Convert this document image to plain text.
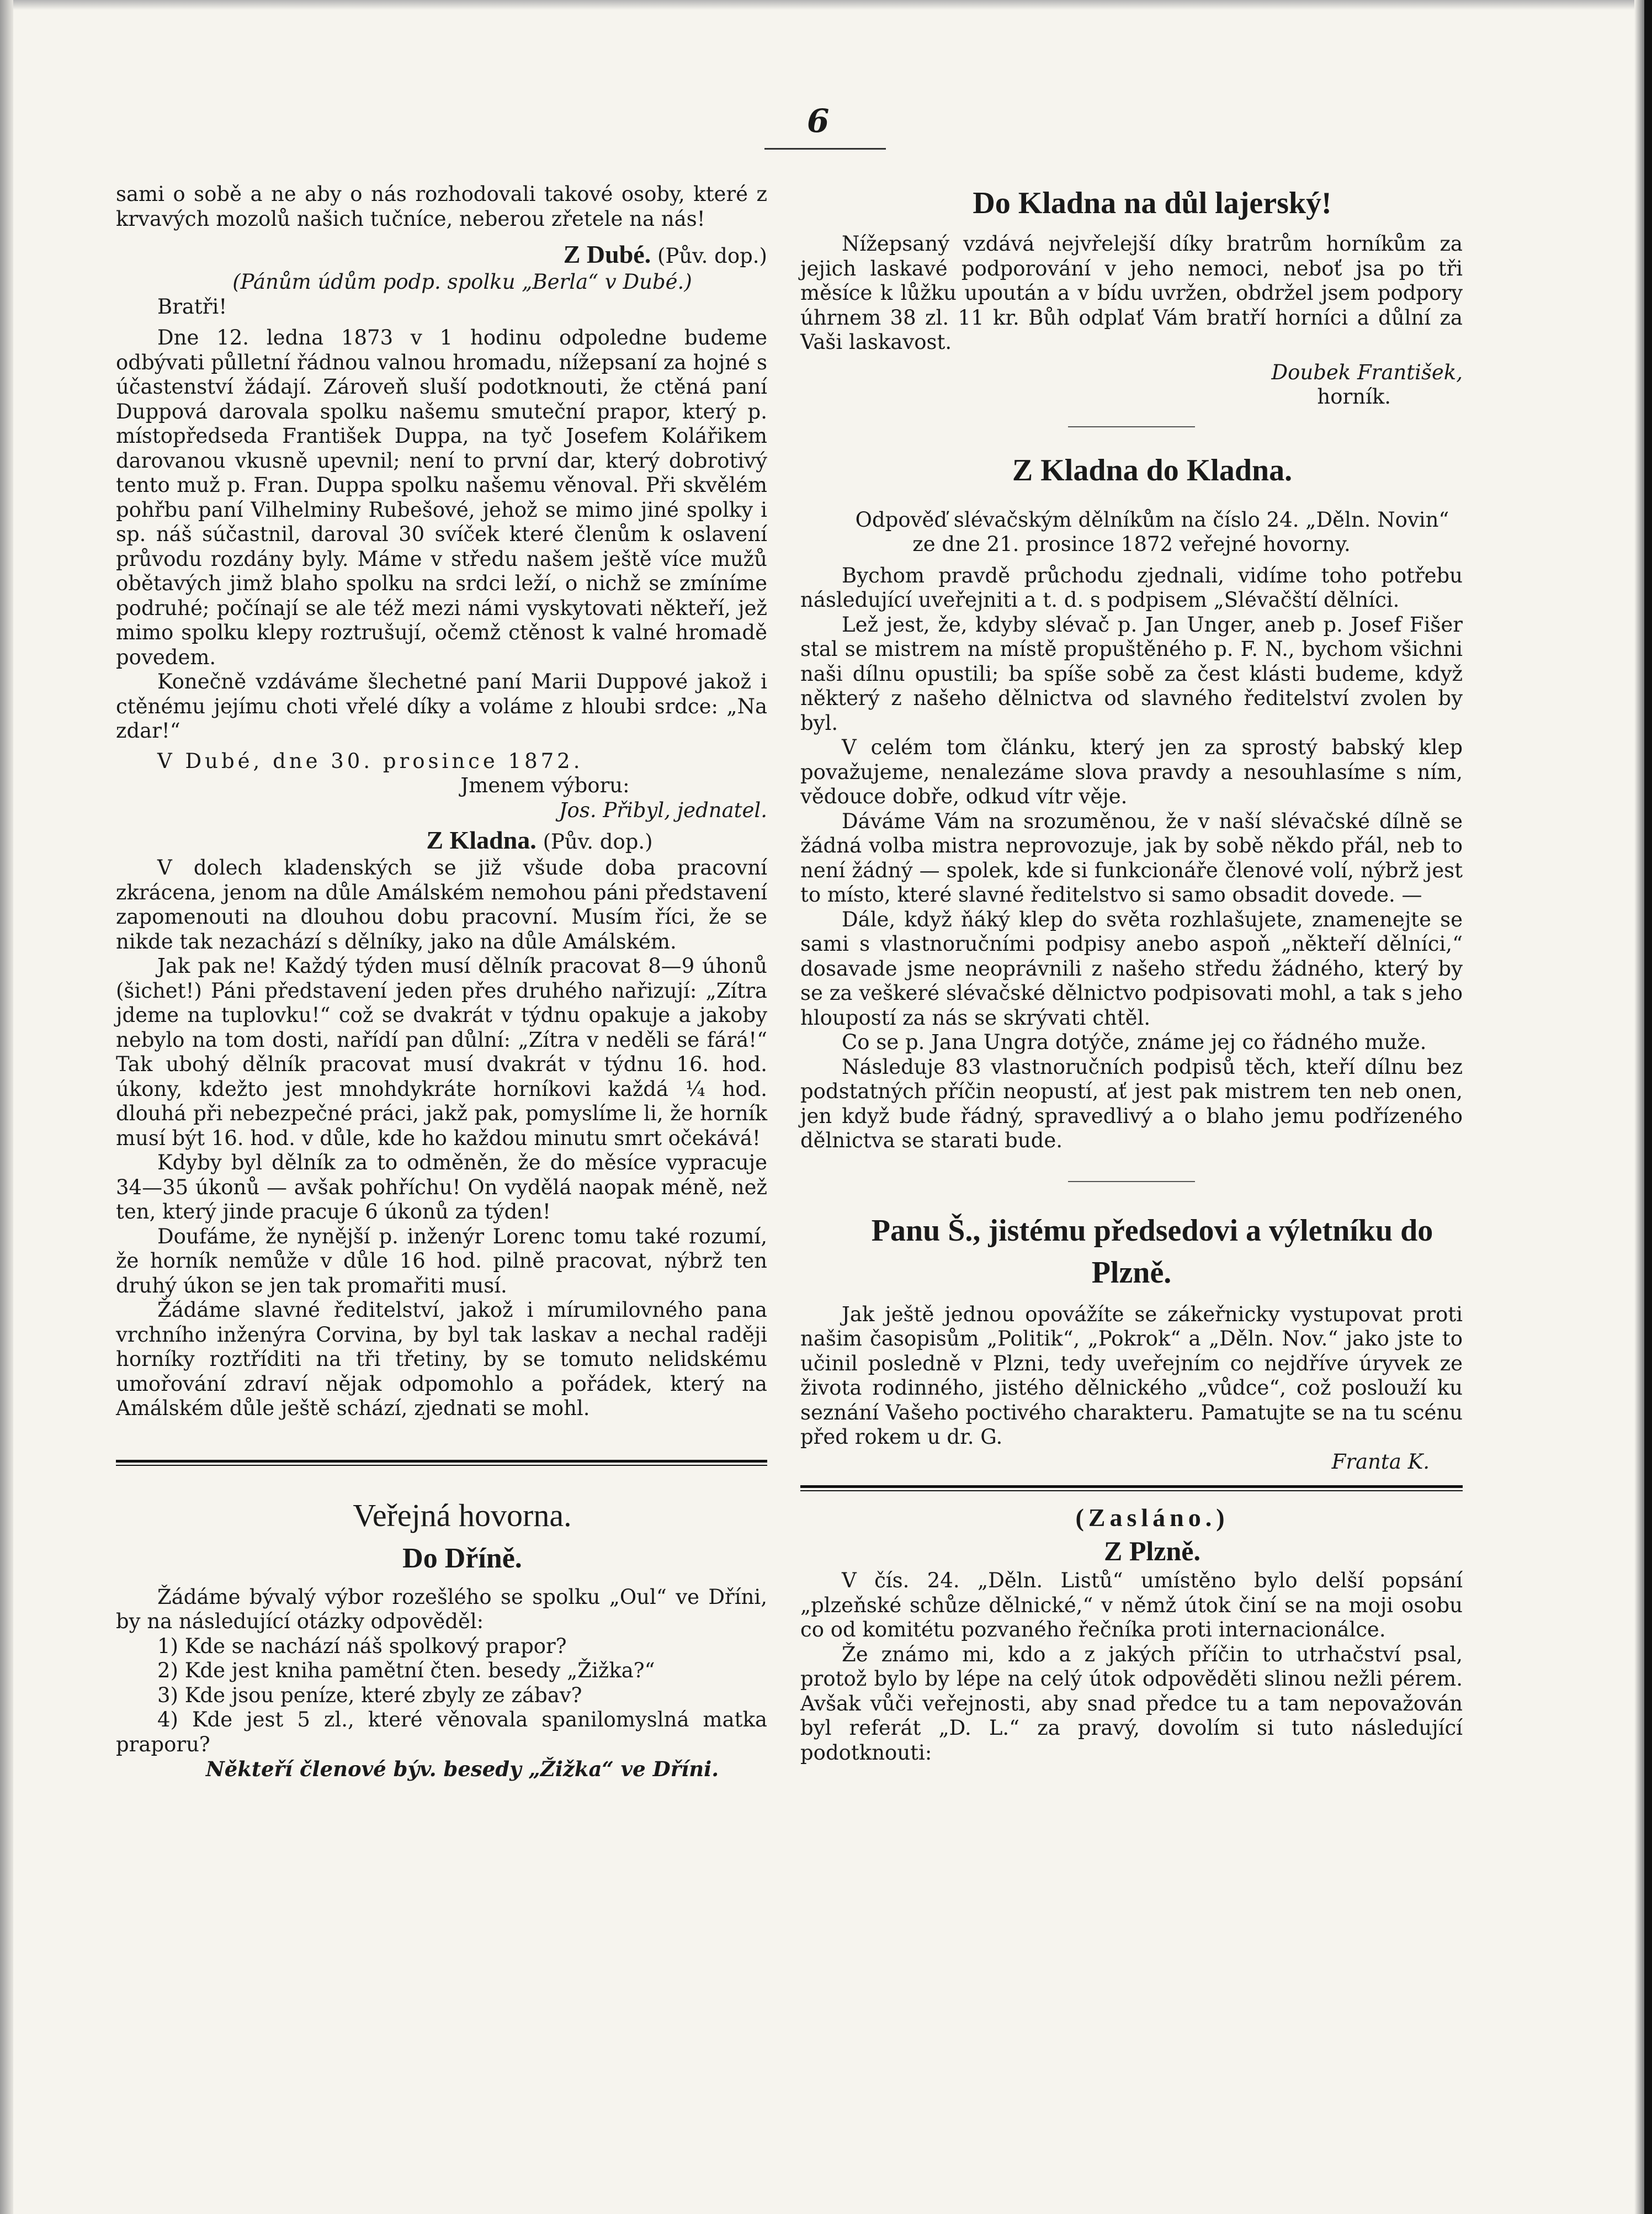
6

sami o sobě a ne aby o nás rozhodovali takové osoby, které z krvavých mozolů našich tučníce, neberou zřetele na nás!

Z Dubé. (Pův. dop.)

(Pánům údům podp. spolku „Berla“ v Dubé.)

Bratři!

Dne 12. ledna 1873 v 1 hodinu odpoledne budeme odbývati půlletní řádnou valnou hromadu, nížepsaní za hojné s účastenství žádají. Zároveň sluší podotknouti, že ctěná paní Duppová darovala spolku našemu smuteční prapor, který p. místopředseda František Duppa, na tyč Josefem Kolářikem darovanou vkusně upevnil; není to první dar, který dobrotivý tento muž p. Fran. Duppa spolku našemu věnoval. Při skvělém pohřbu paní Vilhelminy Rubešové, jehož se mimo jiné spolky i sp. náš súčastnil, daroval 30 svíček které členům k oslavení průvodu rozdány byly. Máme v středu našem ještě více mužů obětavých jimž blaho spolku na srdci leží, o nichž se zmíníme podruhé; počínají se ale též mezi námi vyskytovati někteří, jež mimo spolku klepy roztrušují, očemž ctěnost k valné hromadě povedem.

Konečně vzdáváme šlechetné paní Marii Duppové jakož i ctěnému jejímu choti vřelé díky a voláme z hloubi srdce: „Na zdar!“

V Dubé, dne 30. prosince 1872.

Jmenem výboru:

Jos. Přibyl, jednatel.

Z Kladna. (Pův. dop.)

V dolech kladenských se již všude doba pracovní zkrácena, jenom na důle Amálském nemohou páni představení zapomenouti na dlouhou dobu pracovní. Musím říci, že se nikde tak nezachází s dělníky, jako na důle Amálském.

Jak pak ne! Každý týden musí dělník pracovat 8—9 úhonů (šichet!) Páni představení jeden přes druhého nařizují: „Zítra jdeme na tuplovku!“ což se dvakrát v týdnu opakuje a jakoby nebylo na tom dosti, nařídí pan důlní: „Zítra v neděli se fárá!“ Tak ubohý dělník pracovat musí dvakrát v týdnu 16. hod. úkony, kdežto jest mnohdykráte horníkovi každá ¼ hod. dlouhá při nebezpečné práci, jakž pak, pomyslíme li, že horník musí být 16. hod. v důle, kde ho každou minutu smrt očekává!

Kdyby byl dělník za to odměněn, že do měsíce vypracuje 34—35 úkonů — avšak pohříchu! On vydělá naopak méně, než ten, který jinde pracuje 6 úkonů za týden!

Doufáme, že nynější p. inženýr Lorenc tomu také rozumí, že horník nemůže v důle 16 hod. pilně pracovat, nýbrž ten druhý úkon se jen tak promařiti musí.

Žádáme slavné ředitelství, jakož i mírumilovného pana vrchního inženýra Corvina, by byl tak laskav a nechal raději horníky roztříditi na tři třetiny, by se tomuto nelidskému umořování zdraví nějak odpomohlo a pořádek, který na Amálském důle ještě schází, zjednati se mohl.

Veřejná hovorna.

Do Dříně.

Žádáme bývalý výbor rozešlého se spolku „Oul“ ve Dříni, by na následující otázky odpověděl:

1) Kde se nachází náš spolkový prapor?

2) Kde jest kniha pamětní čten. besedy „Žižka?“

3) Kde jsou peníze, které zbyly ze zábav?

4) Kde jest 5 zl., které věnovala spanilomyslná matka praporu?

Někteří členové býv. besedy „Žižka“ ve Dříni.

Do Kladna na důl lajerský!

Nížepsaný vzdává nejvřelejší díky bratrům horníkům za jejich laskavé podporování v jeho nemoci, neboť jsa po tři měsíce k lůžku upoután a v bídu uvržen, obdržel jsem podpory úhrnem 38 zl. 11 kr. Bůh odplať Vám bratří horníci a důlní za Vaši laskavost.

Doubek František,

horník.

Z Kladna do Kladna.

Odpověď slévačským dělníkům na číslo 24. „Děln. Novin“ ze dne 21. prosince 1872 veřejné hovorny.

Bychom pravdě průchodu zjednali, vidíme toho potřebu následující uveřejniti a t. d. s podpisem „Slévačští dělníci.

Lež jest, že, kdyby slévač p. Jan Unger, aneb p. Josef Fišer stal se mistrem na místě propuštěného p. F. N., bychom všichni naši dílnu opustili; ba spíše sobě za čest klásti budeme, když některý z našeho dělnictva od slavného ředitelství zvolen by byl.

V celém tom článku, který jen za sprostý babský klep považujeme, nenalezáme slova pravdy a nesouhlasíme s ním, vědouce dobře, odkud vítr věje.

Dáváme Vám na srozuměnou, že v naší slévačské dílně se žádná volba mistra neprovozuje, jak by sobě někdo přál, neb to není žádný — spolek, kde si funkcionáře členové volí, nýbrž jest to místo, které slavné ředitelstvo si samo obsadit dovede. —

Dále, když ňáký klep do světa rozhlašujete, znamenejte se sami s vlastnoručními podpisy anebo aspoň „někteří dělníci,“ dosavade jsme neoprávnili z našeho středu žádného, který by se za veškeré slévačské dělnictvo podpisovati mohl, a tak s jeho hloupostí za nás se skrývati chtěl.

Co se p. Jana Ungra dotýče, známe jej co řádného muže.

Následuje 83 vlastnoručních podpisů těch, kteří dílnu bez podstatných příčin neopustí, ať jest pak mistrem ten neb onen, jen když bude řádný, spravedlivý a o blaho jemu podřízeného dělnictva se starati bude.

Panu Š., jistému předsedovi a výletníku do Plzně.

Jak ještě jednou opovážíte se zákeřnicky vystupovat proti našim časopisům „Politik“, „Pokrok“ a „Děln. Nov.“ jako jste to učinil posledně v Plzni, tedy uveřejním co nejdříve úryvek ze života rodinného, jistého dělnického „vůdce“, což poslouží ku seznání Vašeho poctivého charakteru. Pamatujte se na tu scénu před rokem u dr. G.

Franta K.

(Zasláno.)

Z Plzně.

V čís. 24. „Děln. Listů“ umístěno bylo delší popsání „plzeňské schůze dělnické,“ v němž útok činí se na moji osobu co od komitétu pozvaného řečníka proti internacionálce.

Že známo mi, kdo a z jakých příčin to utrhačství psal, protož bylo by lépe na celý útok odpověděti slinou nežli pérem. Avšak vůči veřejnosti, aby snad předce tu a tam nepovažován byl referát „D. L.“ za pravý, dovolím si tuto následující podotknouti:
